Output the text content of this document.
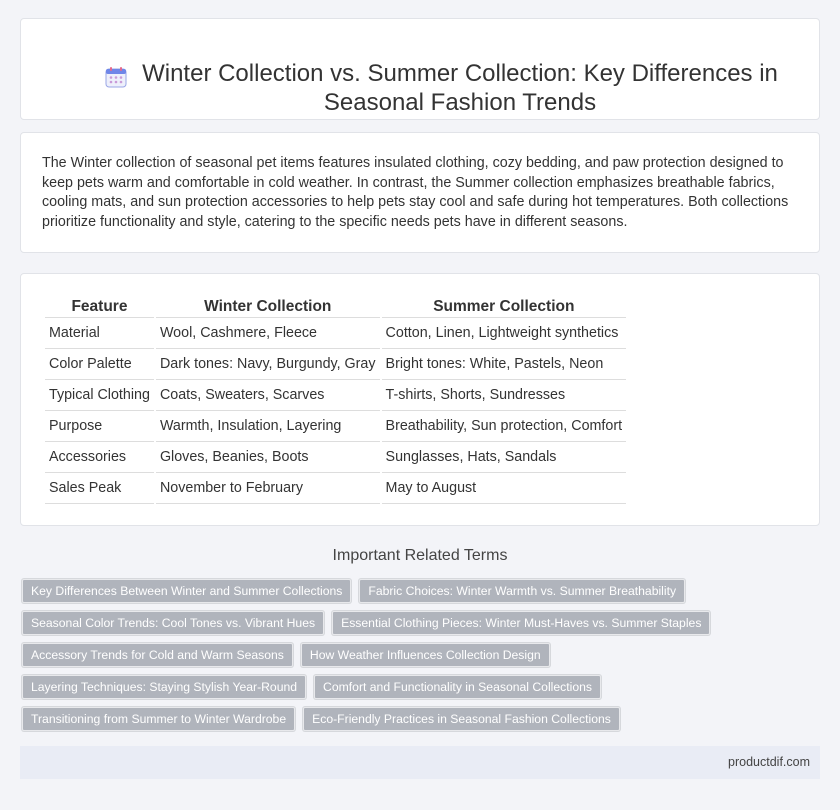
Winter Collection vs. Summer Collection: Key Differences in Seasonal Fashion Trends

The Winter collection of seasonal pet items features insulated clothing, cozy bedding, and paw protection designed to keep pets warm and comfortable in cold weather. In contrast, the Summer collection emphasizes breathable fabrics, cooling mats, and sun protection accessories to help pets stay cool and safe during hot temperatures. Both collections prioritize functionality and style, catering to the specific needs pets have in different seasons.

Feature	Winter Collection	Summer Collection
Material	Wool, Cashmere, Fleece	Cotton, Linen, Lightweight synthetics
Color Palette	Dark tones: Navy, Burgundy, Gray	Bright tones: White, Pastels, Neon
Typical Clothing	Coats, Sweaters, Scarves	T-shirts, Shorts, Sundresses
Purpose	Warmth, Insulation, Layering	Breathability, Sun protection, Comfort
Accessories	Gloves, Beanies, Boots	Sunglasses, Hats, Sandals
Sales Peak	November to February	May to August
Important Related Terms
Key Differences Between Winter and Summer Collections	Fabric Choices: Winter Warmth vs. Summer Breathability
Seasonal Color Trends: Cool Tones vs. Vibrant Hues	Essential Clothing Pieces: Winter Must-Haves vs. Summer Staples
Accessory Trends for Cold and Warm Seasons	How Weather Influences Collection Design
Layering Techniques: Staying Stylish Year-Round	Comfort and Functionality in Seasonal Collections
Transitioning from Summer to Winter Wardrobe	Eco-Friendly Practices in Seasonal Fashion Collections
productdif.com
